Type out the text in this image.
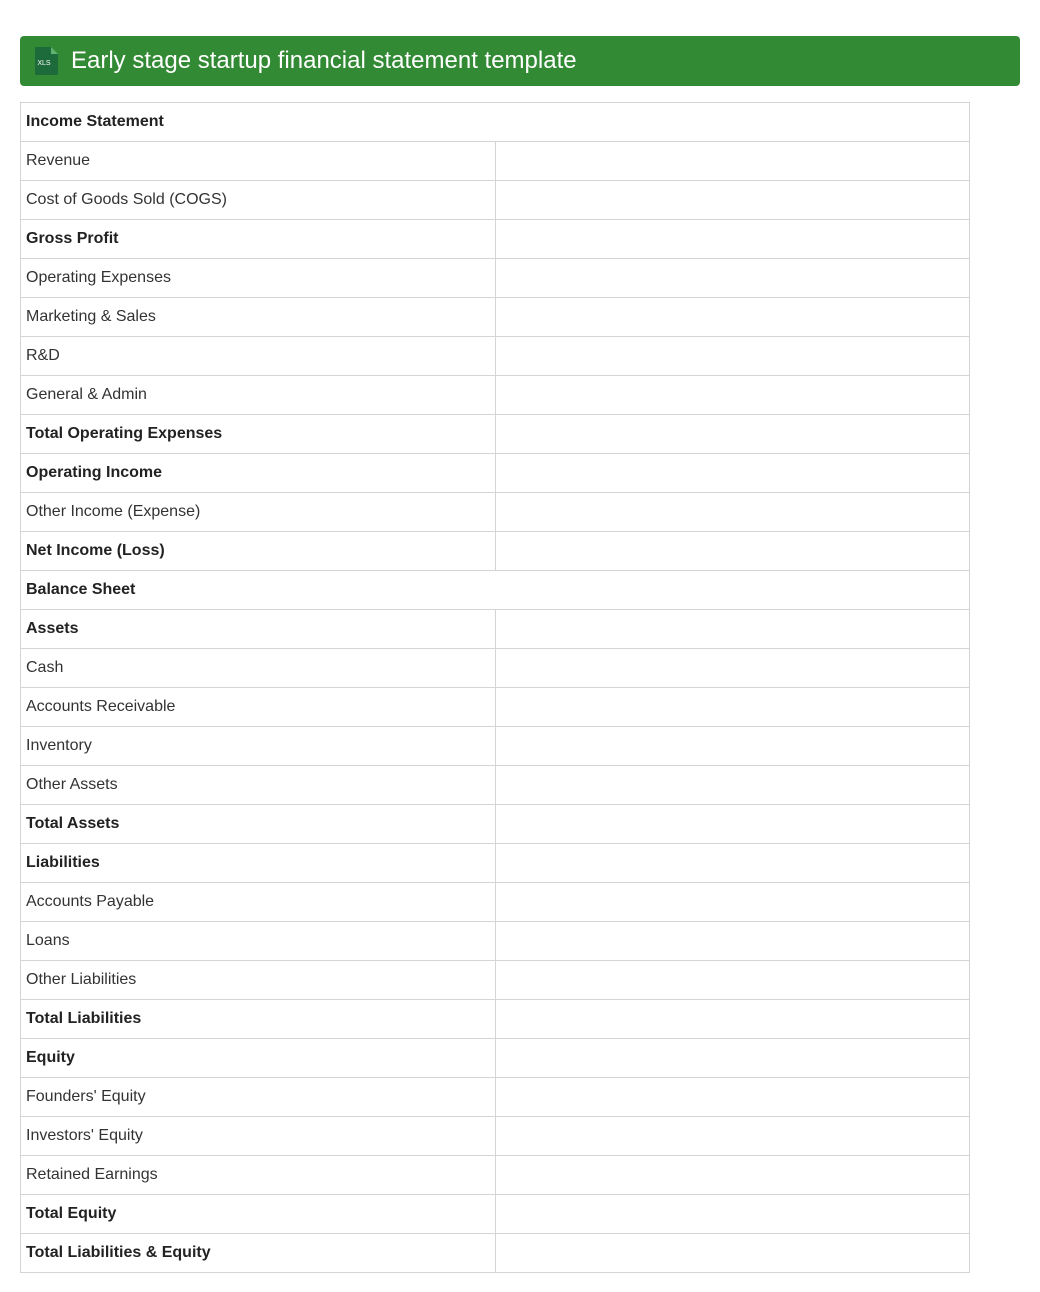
XLS Early stage startup financial statement template
Income Statement	
Revenue	
Cost of Goods Sold (COGS)	
Gross Profit	
Operating Expenses	
Marketing & Sales	
R&D	
General & Admin	
Total Operating Expenses	
Operating Income	
Other Income (Expense)	
Net Income (Loss)	
Balance Sheet	
Assets	
Cash	
Accounts Receivable	
Inventory	
Other Assets	
Total Assets	
Liabilities	
Accounts Payable	
Loans	
Other Liabilities	
Total Liabilities	
Equity	
Founders' Equity	
Investors' Equity	
Retained Earnings	
Total Equity	
Total Liabilities & Equity	
